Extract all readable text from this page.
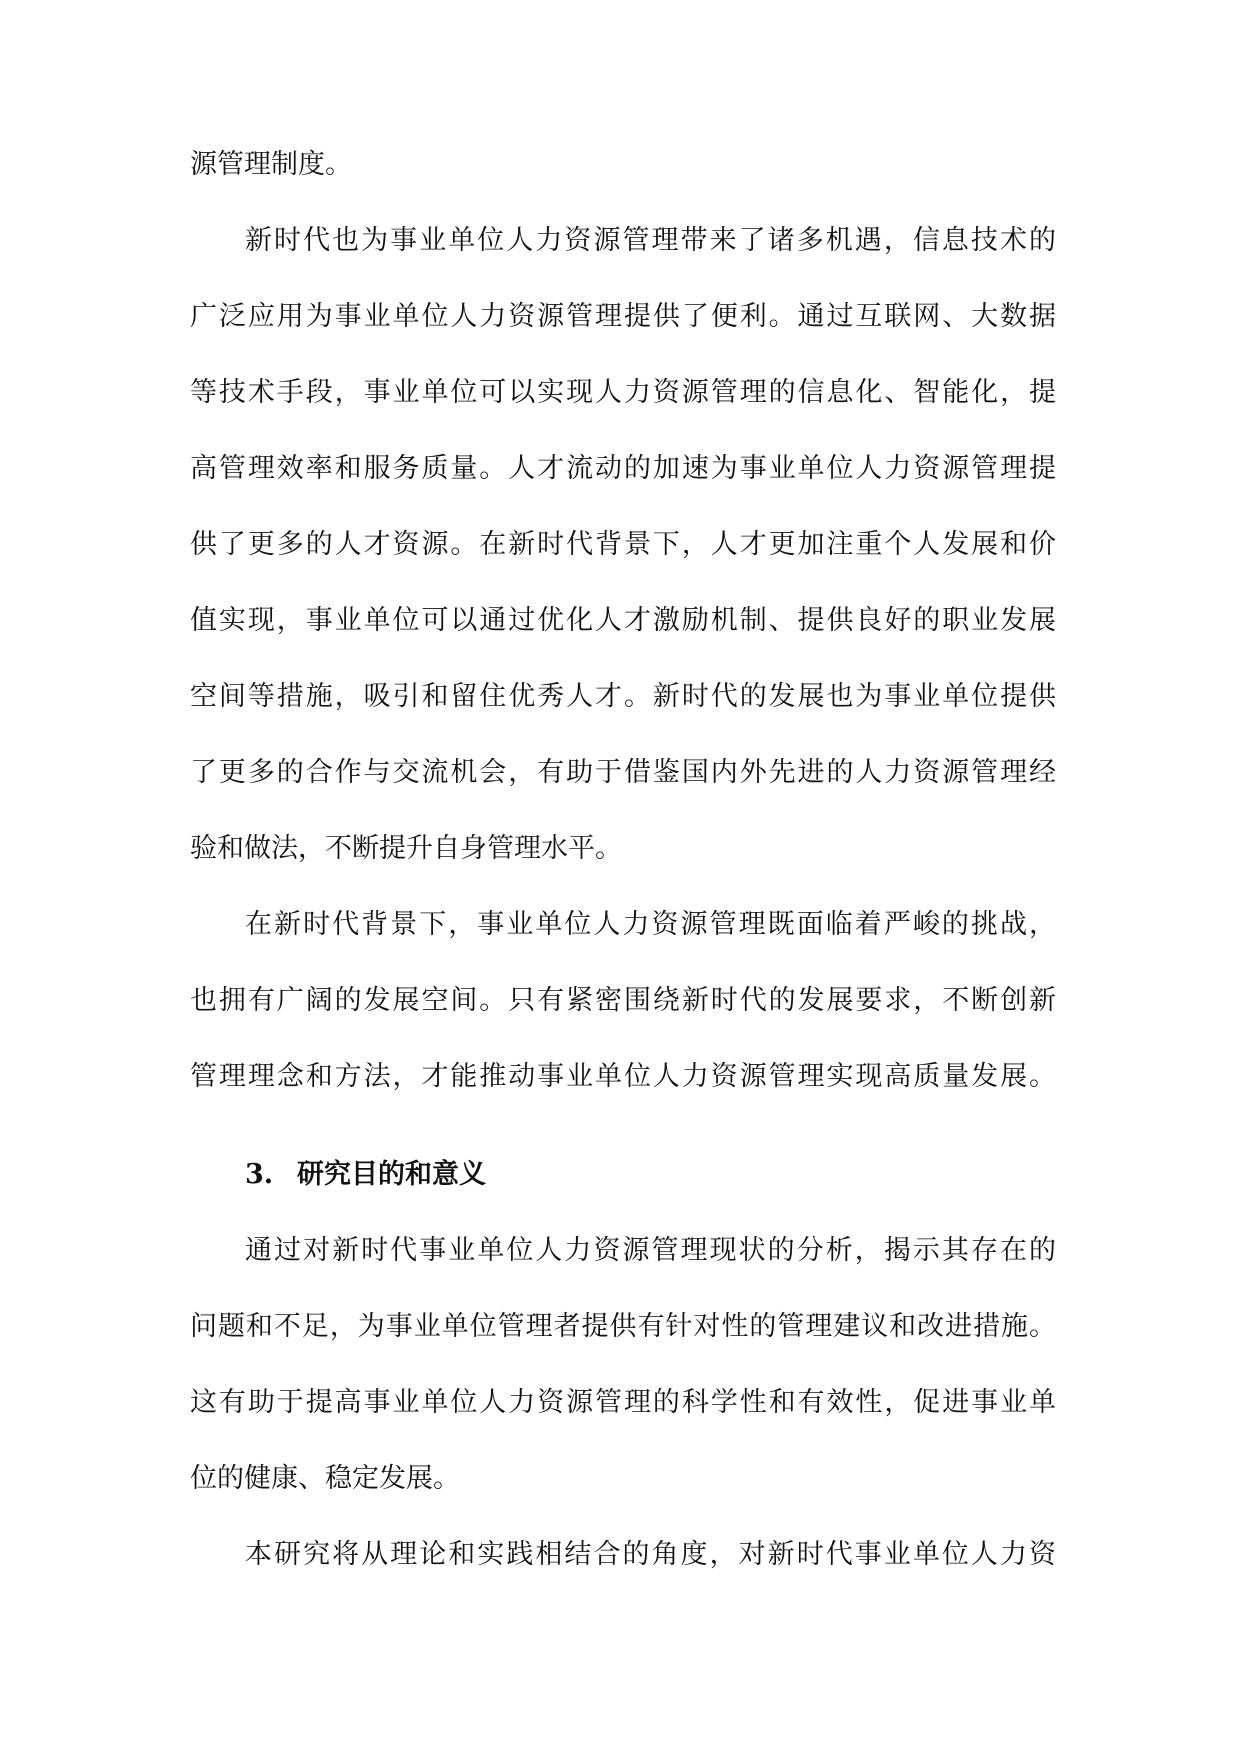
源管理制度。
新时代也为事业单位人力资源管理带来了诸多机遇，信息技术的
广泛应用为事业单位人力资源管理提供了便利。通过互联网、大数据
等技术手段，事业单位可以实现人力资源管理的信息化、智能化，提
高管理效率和服务质量。人才流动的加速为事业单位人力资源管理提
供了更多的人才资源。在新时代背景下，人才更加注重个人发展和价
值实现，事业单位可以通过优化人才激励机制、提供良好的职业发展
空间等措施，吸引和留住优秀人才。新时代的发展也为事业单位提供
了更多的合作与交流机会，有助于借鉴国内外先进的人力资源管理经
验和做法，不断提升自身管理水平。
在新时代背景下，事业单位人力资源管理既面临着严峻的挑战，
也拥有广阔的发展空间。只有紧密围绕新时代的发展要求，不断创新
管理理念和方法，才能推动事业单位人力资源管理实现高质量发展。
3. 研究目的和意义
通过对新时代事业单位人力资源管理现状的分析，揭示其存在的
问题和不足，为事业单位管理者提供有针对性的管理建议和改进措施。
这有助于提高事业单位人力资源管理的科学性和有效性，促进事业单
位的健康、稳定发展。
本研究将从理论和实践相结合的角度，对新时代事业单位人力资
